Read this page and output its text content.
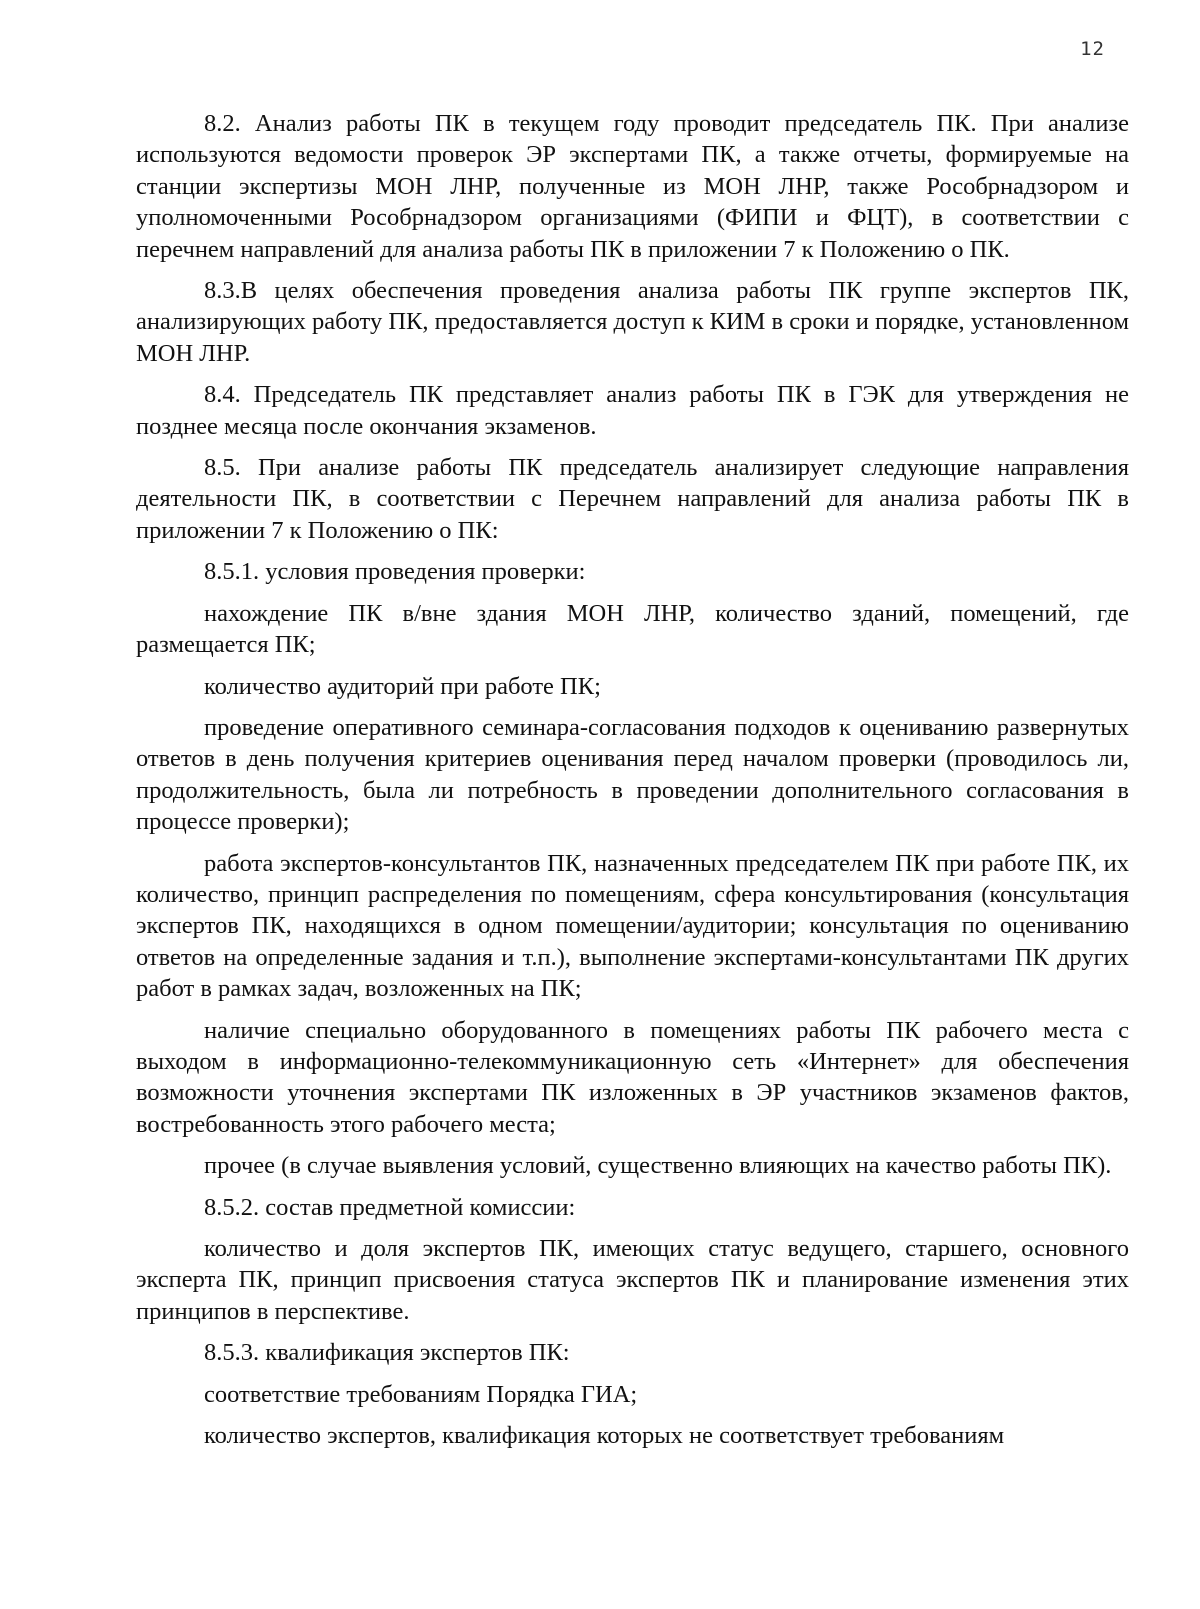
12

8.2. Анализ работы ПК в текущем году проводит председатель ПК. При анализе используются ведомости проверок ЭР экспертами ПК, а также отчеты, формируемые на станции экспертизы МОН ЛНР, полученные из МОН ЛНР, также Рособрнадзором и уполномоченными Рособрнадзором организациями (ФИПИ и ФЦТ), в соответствии с перечнем направлений для анализа работы ПК в приложении 7 к Положению о ПК.

8.3.В целях обеспечения проведения анализа работы ПК группе экспертов ПК, анализирующих работу ПК, предоставляется доступ к КИМ в сроки и порядке, установленном МОН ЛНР.

8.4. Председатель ПК представляет анализ работы ПК в ГЭК для утверждения не позднее месяца после окончания экзаменов.

8.5. При анализе работы ПК председатель анализирует следующие направления деятельности ПК, в соответствии с Перечнем направлений для анализа работы ПК в приложении 7 к Положению о ПК:

8.5.1. условия проведения проверки:

нахождение ПК в/вне здания МОН ЛНР, количество зданий, помещений, где размещается ПК;

количество аудиторий при работе ПК;

проведение оперативного семинара-согласования подходов к оцениванию развернутых ответов в день получения критериев оценивания перед началом проверки (проводилось ли, продолжительность, была ли потребность в проведении дополнительного согласования в процессе проверки);

работа экспертов-консультантов ПК, назначенных председателем ПК при работе ПК, их количество, принцип распределения по помещениям, сфера консультирования (консультация экспертов ПК, находящихся в одном помещении/аудитории; консультация по оцениванию ответов на определенные задания и т.п.), выполнение экспертами-консультантами ПК других работ в рамках задач, возложенных на ПК;

наличие специально оборудованного в помещениях работы ПК рабочего места с выходом в информационно-телекоммуникационную сеть «Интернет» для обеспечения возможности уточнения экспертами ПК изложенных в ЭР участников экзаменов фактов, востребованность этого рабочего места;

прочее (в случае выявления условий, существенно влияющих на качество работы ПК).

8.5.2. состав предметной комиссии:

количество и доля экспертов ПК, имеющих статус ведущего, старшего, основного эксперта ПК, принцип присвоения статуса экспертов ПК и планирование изменения этих принципов в перспективе.

8.5.3. квалификация экспертов ПК:

соответствие требованиям Порядка ГИА;

количество экспертов, квалификация которых не соответствует требованиям
